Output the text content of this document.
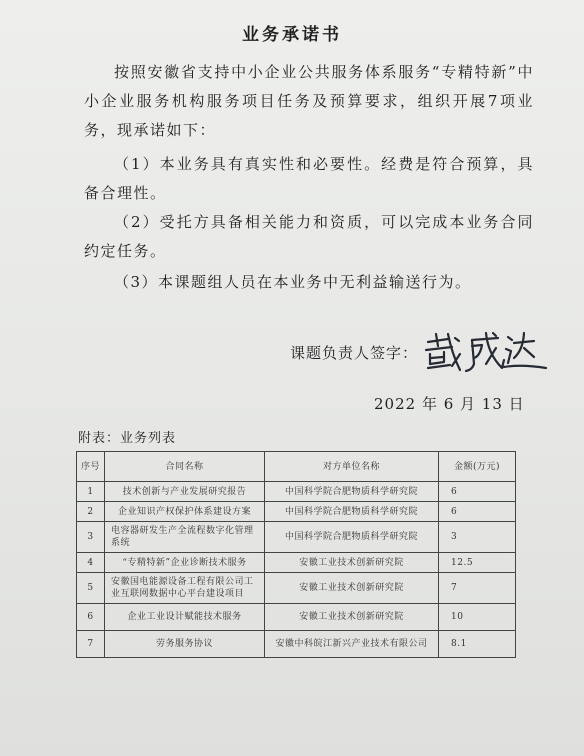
业务承诺书
按照安徽省支持中小企业公共服务体系服务“专精特新”中小企业服务机构服务项目任务及预算要求，组织开展7项业务，现承诺如下：
（1）本业务具有真实性和必要性。经费是符合预算，具备合理性。
（2）受托方具备相关能力和资质，可以完成本业务合同约定任务。
（3）本课题组人员在本业务中无利益输送行为。
课题负责人签字：
2022 年 6 月 13 日
附表：业务列表
序号	合同名称	对方单位名称	金额(万元)
1	技术创新与产业发展研究报告	中国科学院合肥物质科学研究院	6
2	企业知识产权保护体系建设方案	中国科学院合肥物质科学研究院	6
3	电容器研发生产全流程数字化管理系统	中国科学院合肥物质科学研究院	3
4	“专精特新”企业诊断技术服务	安徽工业技术创新研究院	12.5
5	安徽国电能源设备工程有限公司工业互联网数据中心平台建设项目	安徽工业技术创新研究院	7
6	企业工业设计赋能技术服务	安徽工业技术创新研究院	10
7	劳务服务协议	安徽中科皖江新兴产业技术有限公司	8.1
